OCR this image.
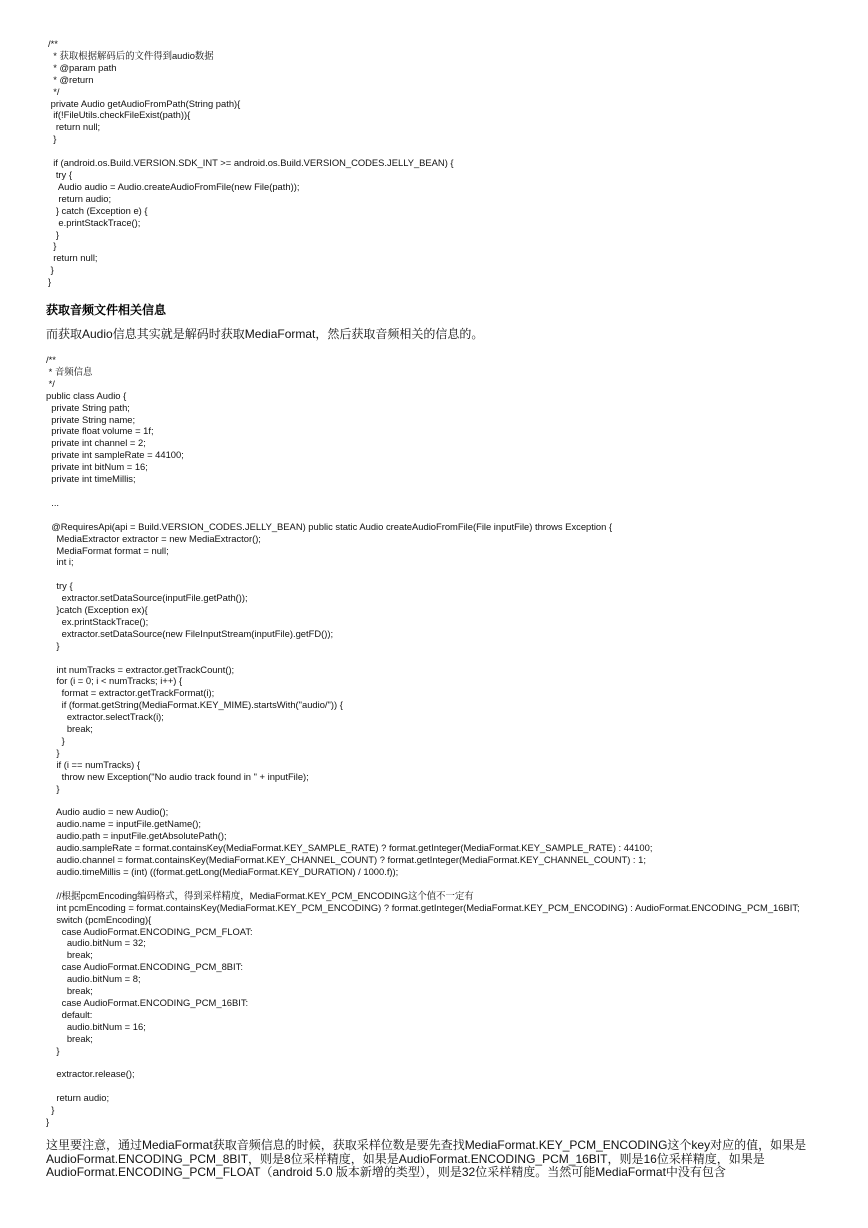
/**
* 获取根据解码后的文件得到audio数据
* @param path
* @return
*/
private Audio getAudioFromPath(String path){
if(!FileUtils.checkFileExist(path)){
return null;
}

if (android.os.Build.VERSION.SDK_INT >= android.os.Build.VERSION_CODES.JELLY_BEAN) {
try {
Audio audio = Audio.createAudioFromFile(new File(path));
return audio;
} catch (Exception e) {
e.printStackTrace();
}
}
return null;
}
}
获取音频文件相关信息

而获取Audio信息其实就是解码时获取MediaFormat，然后获取音频相关的信息的。

/**
* 音频信息
*/
public class Audio {
private String path;
private String name;
private float volume = 1f;
private int channel = 2;
private int sampleRate = 44100;
private int bitNum = 16;
private int timeMillis;

...

@RequiresApi(api = Build.VERSION_CODES.JELLY_BEAN) public static Audio createAudioFromFile(File inputFile) throws Exception {
MediaExtractor extractor = new MediaExtractor();
MediaFormat format = null;
int i;

try {
extractor.setDataSource(inputFile.getPath());
}catch (Exception ex){
ex.printStackTrace();
extractor.setDataSource(new FileInputStream(inputFile).getFD());
}

int numTracks = extractor.getTrackCount();
for (i = 0; i < numTracks; i++) {
format = extractor.getTrackFormat(i);
if (format.getString(MediaFormat.KEY_MIME).startsWith("audio/")) {
extractor.selectTrack(i);
break;
}
}
if (i == numTracks) {
throw new Exception("No audio track found in " + inputFile);
}

Audio audio = new Audio();
audio.name = inputFile.getName();
audio.path = inputFile.getAbsolutePath();
audio.sampleRate = format.containsKey(MediaFormat.KEY_SAMPLE_RATE) ? format.getInteger(MediaFormat.KEY_SAMPLE_RATE) : 44100;
audio.channel = format.containsKey(MediaFormat.KEY_CHANNEL_COUNT) ? format.getInteger(MediaFormat.KEY_CHANNEL_COUNT) : 1;
audio.timeMillis = (int) ((format.getLong(MediaFormat.KEY_DURATION) / 1000.f));

//根据pcmEncoding编码格式，得到采样精度，MediaFormat.KEY_PCM_ENCODING这个值不一定有
int pcmEncoding = format.containsKey(MediaFormat.KEY_PCM_ENCODING) ? format.getInteger(MediaFormat.KEY_PCM_ENCODING) : AudioFormat.ENCODING_PCM_16BIT;
switch (pcmEncoding){
case AudioFormat.ENCODING_PCM_FLOAT:
audio.bitNum = 32;
break;
case AudioFormat.ENCODING_PCM_8BIT:
audio.bitNum = 8;
break;
case AudioFormat.ENCODING_PCM_16BIT:
default:
audio.bitNum = 16;
break;
}

extractor.release();

return audio;
}
}

这里要注意，通过MediaFormat获取音频信息的时候，获取采样位数是要先查找MediaFormat.KEY_PCM_ENCODING这个key对应的值，如果是
AudioFormat.ENCODING_PCM_8BIT，则是8位采样精度，如果是AudioFormat.ENCODING_PCM_16BIT，则是16位采样精度，如果是
AudioFormat.ENCODING_PCM_FLOAT（android 5.0 版本新增的类型），则是32位采样精度。当然可能MediaFormat中没有包含
